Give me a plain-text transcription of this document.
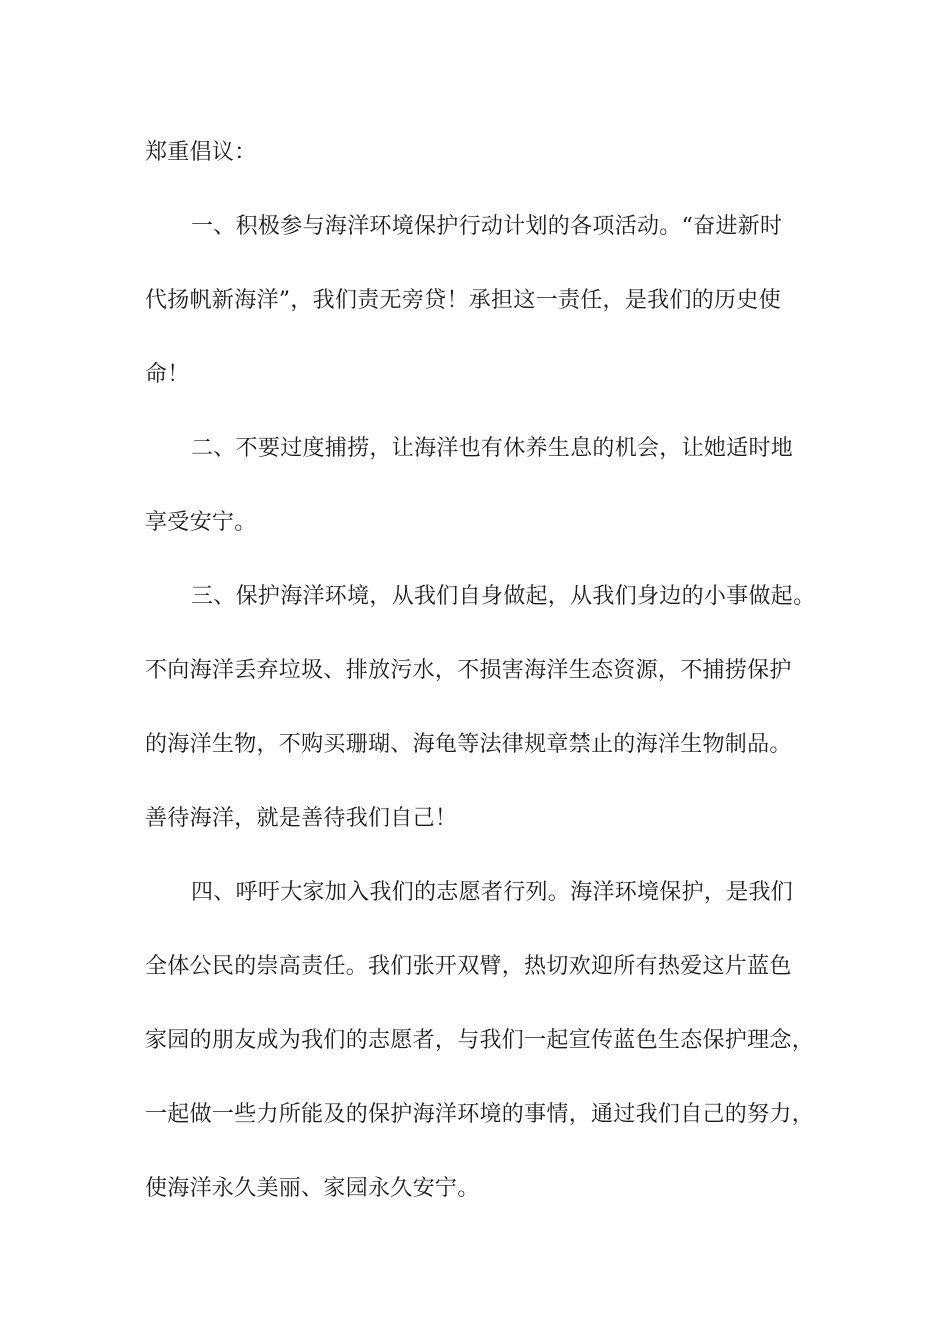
郑重倡议：
一、积极参与海洋环境保护行动计划的各项活动。“奋进新时
代扬帆新海洋”，我们责无旁贷！承担这一责任，是我们的历史使
命！
二、不要过度捕捞，让海洋也有休养生息的机会，让她适时地
享受安宁。
三、保护海洋环境，从我们自身做起，从我们身边的小事做起。
不向海洋丢弃垃圾、排放污水，不损害海洋生态资源，不捕捞保护
的海洋生物，不购买珊瑚、海龟等法律规章禁止的海洋生物制品。
善待海洋，就是善待我们自己！
四、呼吁大家加入我们的志愿者行列。海洋环境保护，是我们
全体公民的崇高责任。我们张开双臂，热切欢迎所有热爱这片蓝色
家园的朋友成为我们的志愿者，与我们一起宣传蓝色生态保护理念，
一起做一些力所能及的保护海洋环境的事情，通过我们自己的努力，
使海洋永久美丽、家园永久安宁。
